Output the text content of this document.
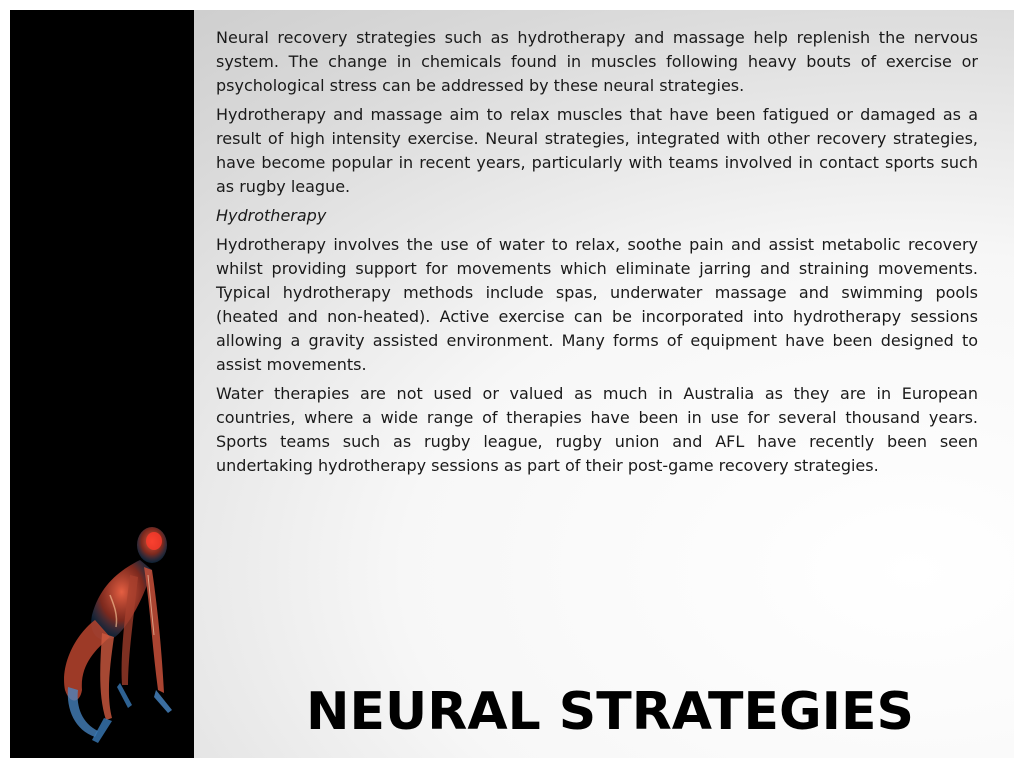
Neural recovery strategies such as hydrotherapy and massage help replenish the nervous system. The change in chemicals found in muscles following heavy bouts of exercise or psychological stress can be addressed by these neural strategies.

Hydrotherapy and massage aim to relax muscles that have been fatigued or damaged as a result of high intensity exercise. Neural strategies, integrated with other recovery strategies, have become popular in recent years, particularly with teams involved in contact sports such as rugby league.

Hydrotherapy

Hydrotherapy involves the use of water to relax, soothe pain and assist metabolic recovery whilst providing support for movements which eliminate jarring and straining movements. Typical hydrotherapy methods include spas, underwater massage and swimming pools (heated and non-heated). Active exercise can be incorporated into hydrotherapy sessions allowing a gravity assisted environment. Many forms of equipment have been designed to assist movements.

Water therapies are not used or valued as much in Australia as they are in European countries, where a wide range of therapies have been in use for several thousand years. Sports teams such as rugby league, rugby union and AFL have recently been seen undertaking hydrotherapy sessions as part of their post-game recovery strategies.

NEURAL STRATEGIES
